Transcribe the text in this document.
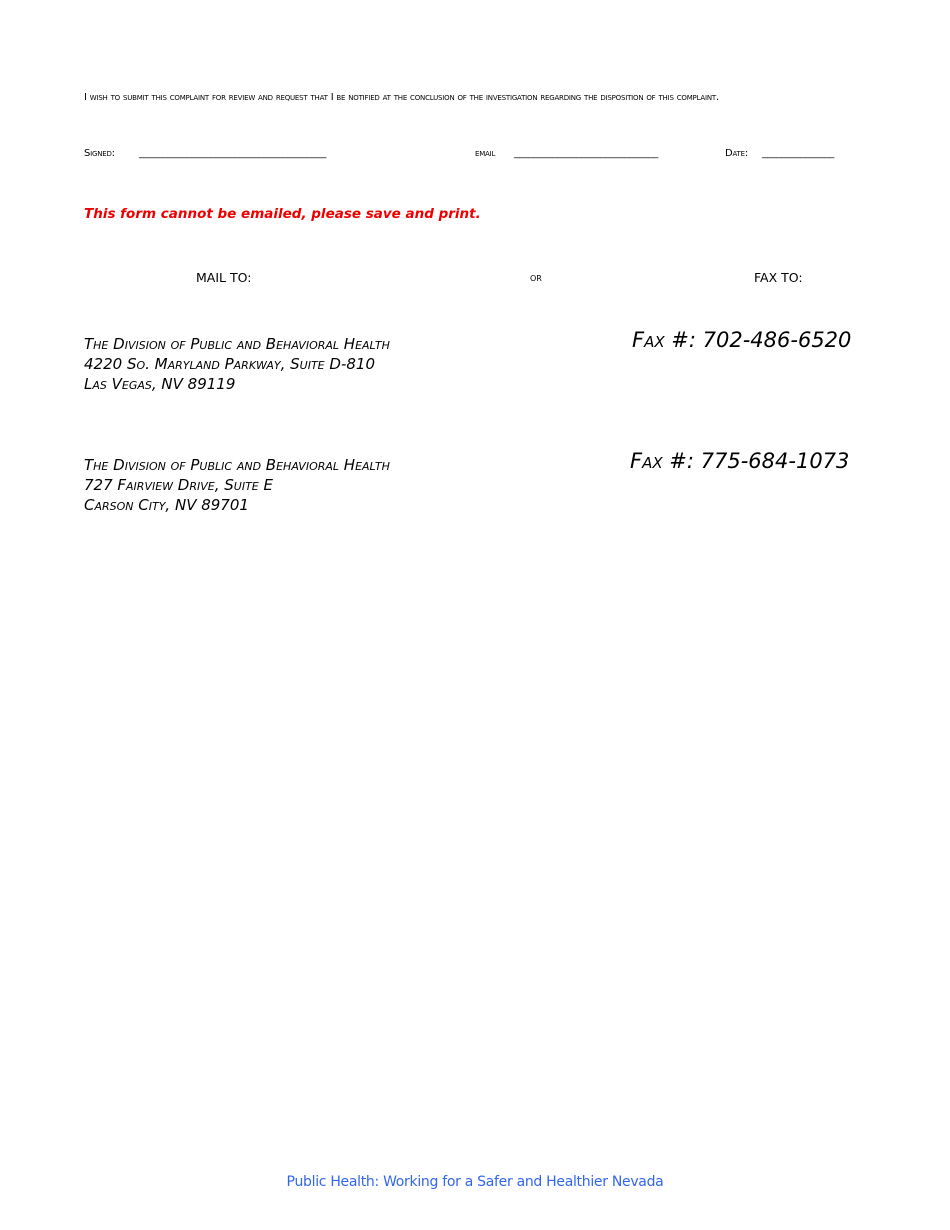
I wish to submit this complaint for review and request that I be notified at the conclusion of the investigation regarding the disposition of this complaint.
Signed: _______________________________________	email ______________________________	Date: _______________
This form cannot be emailed, please save and print.
MAIL TO:	or	FAX TO:
The Division of Public and Behavioral Health
4220 So. Maryland Parkway, Suite D-810
Las Vegas, NV 89119
Fax #: 702-486-6520
The Division of Public and Behavioral Health
727 Fairview Drive, Suite E
Carson City, NV 89701
Fax #: 775-684-1073
Public Health: Working for a Safer and Healthier Nevada
